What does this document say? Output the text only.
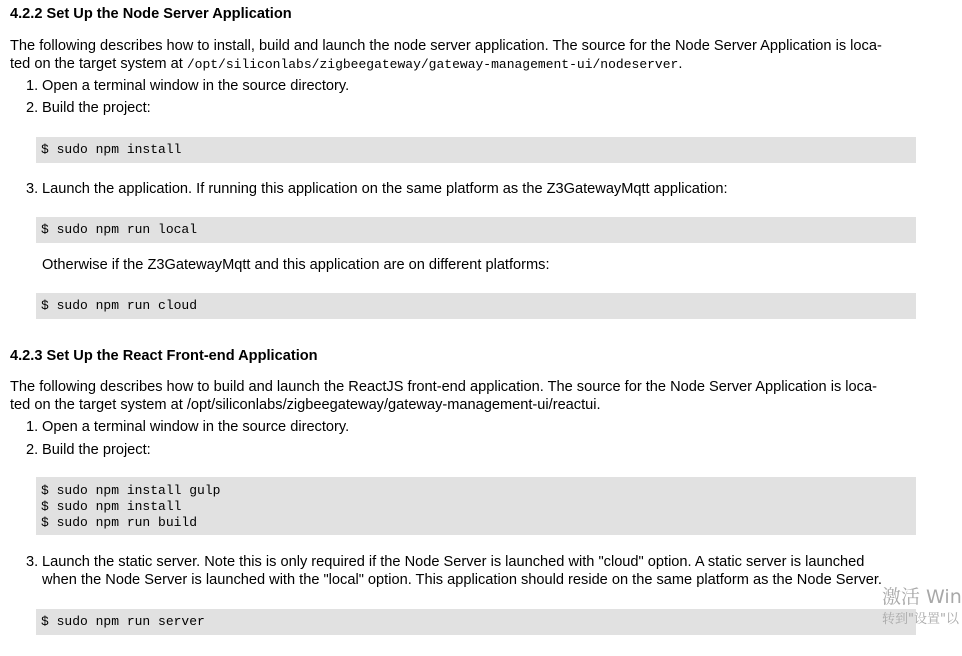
4.2.2 Set Up the Node Server Application
The following describes how to install, build and launch the node server application. The source for the Node Server Application is loca-
ted on the target system at /opt/siliconlabs/zigbeegateway/gateway-management-ui/nodeserver.
1. Open a terminal window in the source directory.
2. Build the project:
$ sudo npm install
3. Launch the application. If running this application on the same platform as the Z3GatewayMqtt application:
$ sudo npm run local
Otherwise if the Z3GatewayMqtt and this application are on different platforms:
$ sudo npm run cloud
4.2.3 Set Up the React Front-end Application
The following describes how to build and launch the ReactJS front-end application. The source for the Node Server Application is loca-
ted on the target system at /opt/siliconlabs/zigbeegateway/gateway-management-ui/reactui.
1. Open a terminal window in the source directory.
2. Build the project:
$ sudo npm install gulp
$ sudo npm install
$ sudo npm run build
3. Launch the static server. Note this is only required if the Node Server is launched with "cloud" option. A static server is launched
when the Node Server is launched with the "local" option. This application should reside on the same platform as the Node Server.
$ sudo npm run server
激活 Win
转到"设置"以
